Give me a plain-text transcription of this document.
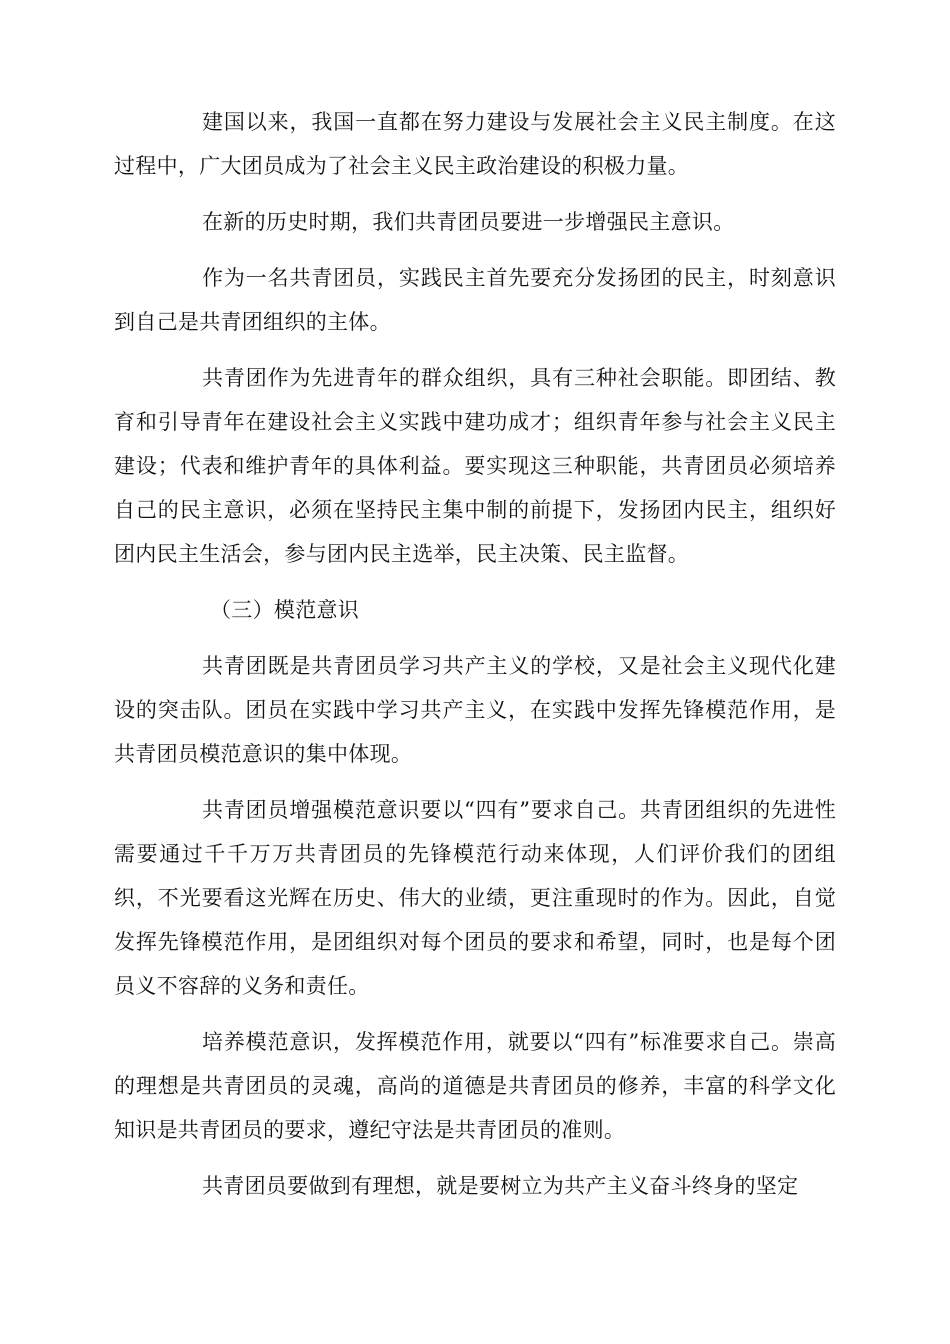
建国以来，我国一直都在努力建设与发展社会主义民主制度。在这过程中，广大团员成为了社会主义民主政治建设的积极力量。

在新的历史时期，我们共青团员要进一步增强民主意识。

作为一名共青团员，实践民主首先要充分发扬团的民主，时刻意识到自己是共青团组织的主体。

共青团作为先进青年的群众组织，具有三种社会职能。即团结、教育和引导青年在建设社会主义实践中建功成才；组织青年参与社会主义民主建设；代表和维护青年的具体利益。要实现这三种职能，共青团员必须培养自己的民主意识，必须在坚持民主集中制的前提下，发扬团内民主，组织好团内民主生活会，参与团内民主选举，民主决策、民主监督。

（三）模范意识

共青团既是共青团员学习共产主义的学校，又是社会主义现代化建设的突击队。团员在实践中学习共产主义，在实践中发挥先锋模范作用，是共青团员模范意识的集中体现。

共青团员增强模范意识要以“四有”要求自己。共青团组织的先进性需要通过千千万万共青团员的先锋模范行动来体现，人们评价我们的团组织，不光要看这光辉在历史、伟大的业绩，更注重现时的作为。因此，自觉发挥先锋模范作用，是团组织对每个团员的要求和希望，同时，也是每个团员义不容辞的义务和责任。

培养模范意识，发挥模范作用，就要以“四有”标准要求自己。崇高的理想是共青团员的灵魂，高尚的道德是共青团员的修养，丰富的科学文化知识是共青团员的要求，遵纪守法是共青团员的准则。

共青团员要做到有理想，就是要树立为共产主义奋斗终身的坚定
